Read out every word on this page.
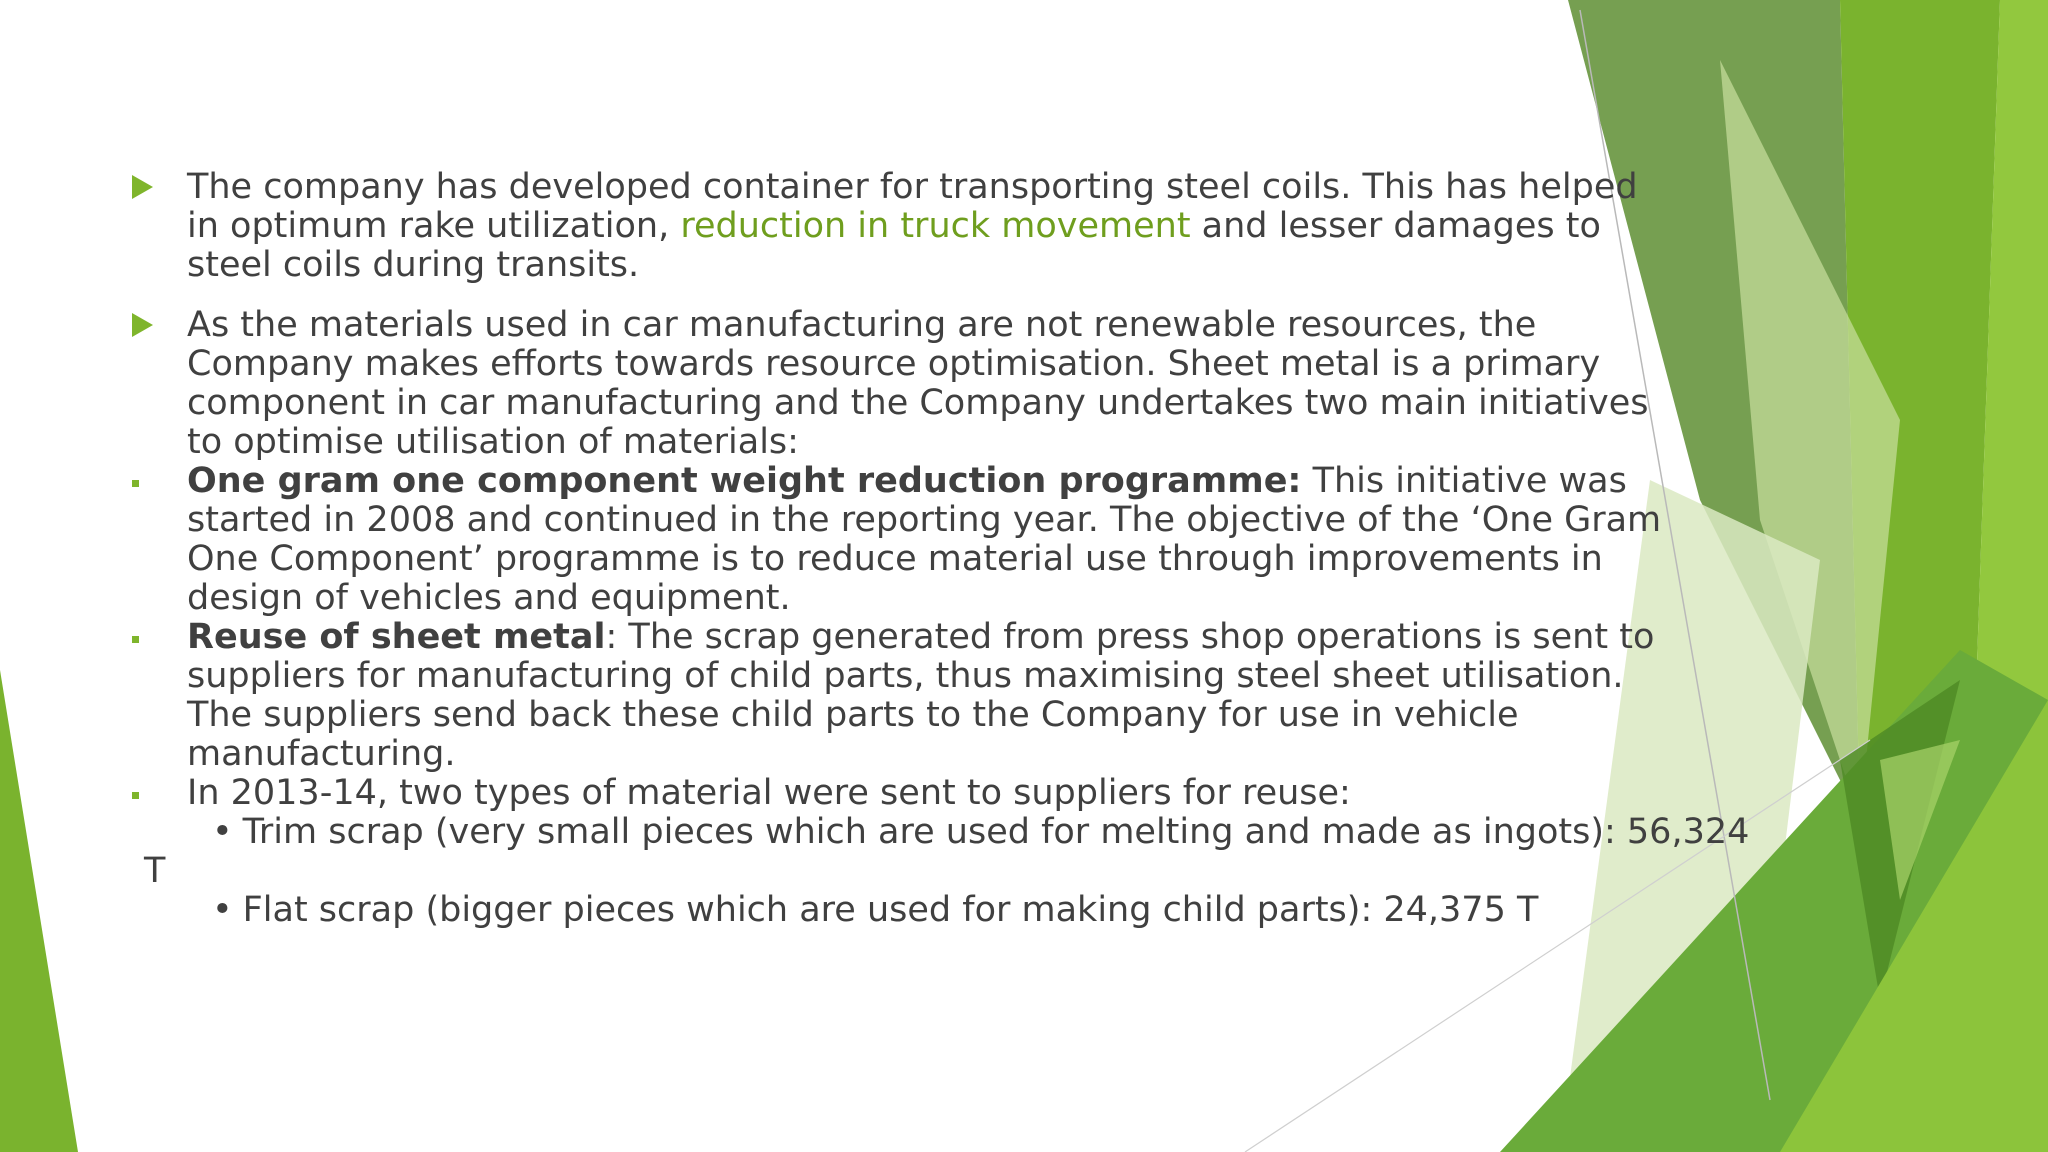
The company has developed container for transporting steel coils. This has helped in optimum rake utilization, reduction in truck movement and lesser damages to steel coils during transits.

As the materials used in car manufacturing are not renewable resources, the Company makes efforts towards resource optimisation. Sheet metal is a primary component in car manufacturing and the Company undertakes two main initiatives to optimise utilisation of materials:

One gram one component weight reduction programme: This initiative was started in 2008 and continued in the reporting year. The objective of the ‘One Gram One Component’ programme is to reduce material use through improvements in design of vehicles and equipment.

Reuse of sheet metal: The scrap generated from press shop operations is sent to suppliers for manufacturing of child parts, thus maximising steel sheet utilisation. The suppliers send back these child parts to the Company for use in vehicle manufacturing.

In 2013-14, two types of material were sent to suppliers for reuse:

• Trim scrap (very small pieces which are used for melting and made as ingots): 56,324
T
• Flat scrap (bigger pieces which are used for making child parts): 24,375 T
